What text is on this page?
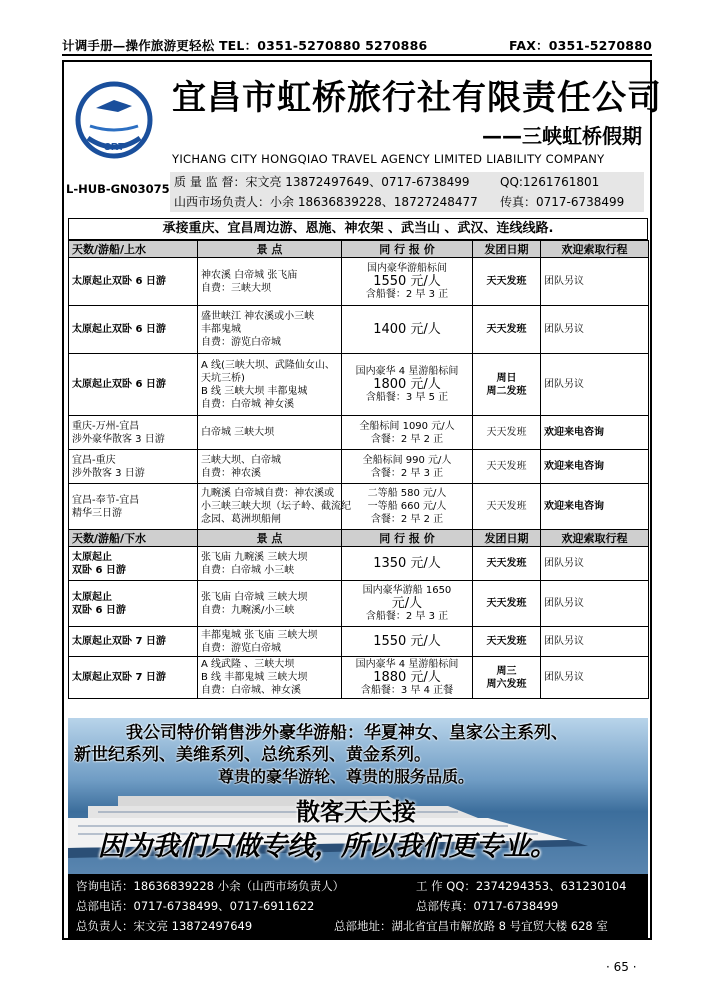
计调手册—操作旅游更轻松 TEL：0351-5270880 5270886	FAX：0351-5270880
CRT
L-HUB-GN03075
宜昌市虹桥旅行社有限责任公司
——三峡虹桥假期
YICHANG CITY HONGQIAO TRAVEL AGENCY LIMITED LIABILITY COMPANY
质 量 监 督：宋文亮 13872497649、0717-6738499	QQ:1261761801
山西市场负责人：小余 18636839228、18727248477 传真：0717-6738499
承接重庆、宜昌周边游、恩施、神农架 、武当山 、武汉、连线线路.
天数/游船/上水	景 点	同 行 报 价	发团日期	欢迎索取行程

太原起止双卧 6 日游	神农溪 白帝城 张飞庙
自费：三峡大坝	国内豪华游船标间
1550 元/人
含船餐：2 早 3 正	天天发班	团队另议

太原起止双卧 6 日游	盛世峡江 神农溪或小三峡
丰都鬼城
自费：游览白帝城	1400 元/人	天天发班	团队另议

太原起止双卧 6 日游	A 线(三峡大坝、武隆仙女山、
天坑三桥)
B 线 三峡大坝 丰都鬼城
自费：白帝城 神女溪	国内豪华 4 星游船标间
1800 元/人
含船餐：3 早 5 正	周日
周二发班	团队另议

重庆-万州-宜昌
涉外豪华散客 3 日游	白帝城 三峡大坝	全船标间 1090 元/人
含餐：2 早 2 正	天天发班	欢迎来电咨询

宜昌-重庆
涉外散客 3 日游	三峡大坝、白帝城
自费：神农溪	全船标间 990 元/人
含餐：2 早 3 正	天天发班	欢迎来电咨询

宜昌-奉节-宜昌
精华三日游	九畹溪 白帝城自费：神农溪或
小三峡三峡大坝（坛子岭、截流纪
念园、葛洲坝船闸	二等船 580 元/人
一等船 660 元/人
含餐：2 早 2 正	天天发班	欢迎来电咨询
天数/游船/下水	景 点	同 行 报 价	发团日期	欢迎索取行程

太原起止
双卧 6 日游	张飞庙 九畹溪 三峡大坝
自费：白帝城 小三峡	1350 元/人	天天发班	团队另议

太原起止
双卧 6 日游	张飞庙 白帝城 三峡大坝
自费：九畹溪/小三峡	国内豪华游船 1650
元/人
含船餐：2 早 3 正	天天发班	团队另议

太原起止双卧 7 日游	丰都鬼城 张飞庙 三峡大坝
自费：游览白帝城	1550 元/人	天天发班	团队另议

太原起止双卧 7 日游	A 线武隆 、三峡大坝
B 线 丰都鬼城 三峡大坝
自费：白帝城、神女溪	国内豪华 4 星游船标间
1880 元/人
含船餐：3 早 4 正餐	周三
周六发班	团队另议
我公司特价销售涉外豪华游船：华夏神女、皇家公主系列、
新世纪系列、美维系列、总统系列、黄金系列。
尊贵的豪华游轮、尊贵的服务品质。
散客天天接
因为我们只做专线，所以我们更专业。
咨询电话：18636839228 小余（山西市场负责人）	工 作 QQ：2374294353、631230104
总部电话：0717-6738499、0717-6911622	总部传真：0717-6738499
总负责人：宋文亮 13872497649	总部地址：湖北省宜昌市解放路 8 号宜贸大楼 628 室
· 65 ·
